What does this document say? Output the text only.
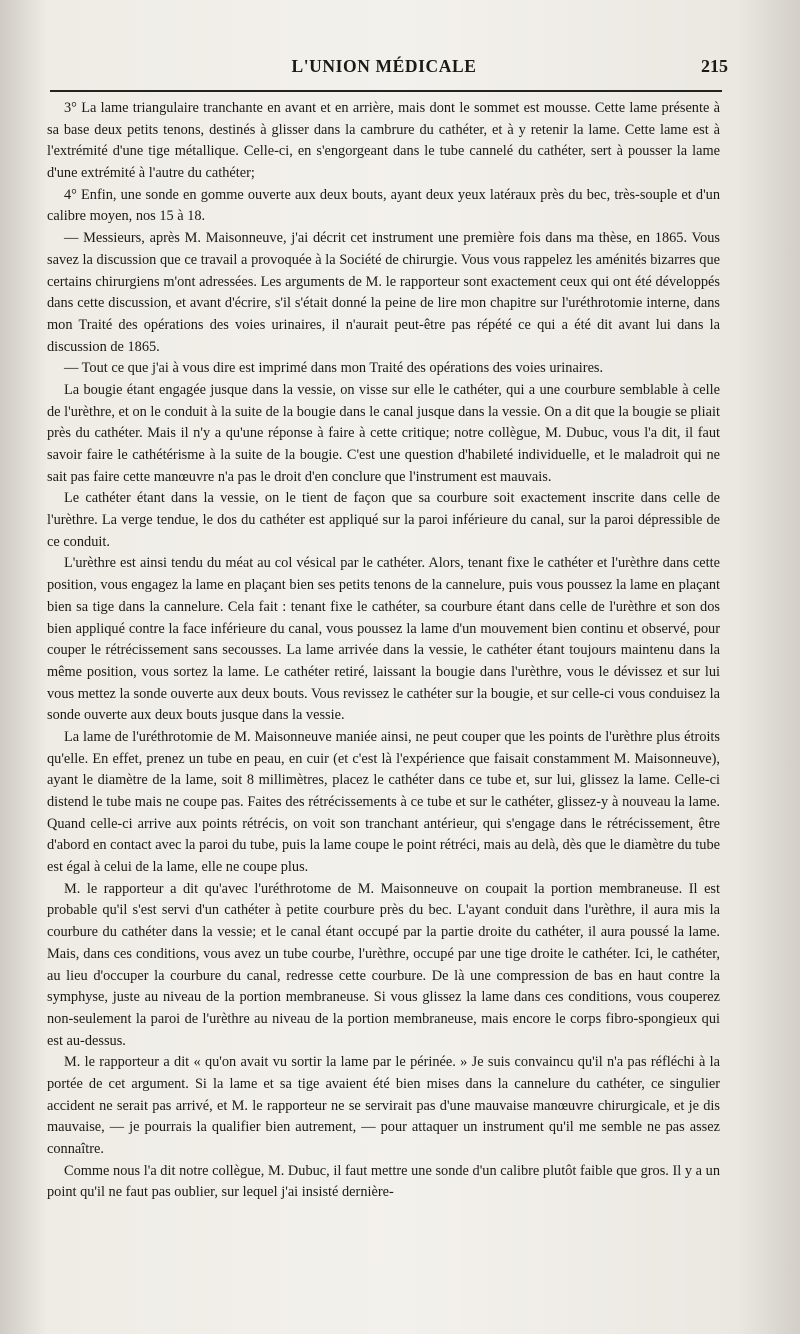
L'UNION MÉDICALE	215

3° La lame triangulaire tranchante en avant et en arrière, mais dont le sommet est mousse. Cette lame présente à sa base deux petits tenons, destinés à glisser dans la cambrure du cathéter, et à y retenir la lame. Cette lame est à l'extrémité d'une tige métallique. Celle-ci, en s'engorgeant dans le tube cannelé du cathéter, sert à pousser la lame d'une extrémité à l'autre du cathéter;

4° Enfin, une sonde en gomme ouverte aux deux bouts, ayant deux yeux latéraux près du bec, très-souple et d'un calibre moyen, nos 15 à 18.

— Messieurs, après M. Maisonneuve, j'ai décrit cet instrument une première fois dans ma thèse, en 1865. Vous savez la discussion que ce travail a provoquée à la Société de chirurgie. Vous vous rappelez les aménités bizarres que certains chirurgiens m'ont adressées. Les arguments de M. le rapporteur sont exactement ceux qui ont été développés dans cette discussion, et avant d'écrire, s'il s'était donné la peine de lire mon chapitre sur l'uréthrotomie interne, dans mon Traité des opérations des voies urinaires, il n'aurait peut-être pas répété ce qui a été dit avant lui dans la discussion de 1865.

— Tout ce que j'ai à vous dire est imprimé dans mon Traité des opérations des voies urinaires.

La bougie étant engagée jusque dans la vessie, on visse sur elle le cathéter, qui a une courbure semblable à celle de l'urèthre, et on le conduit à la suite de la bougie dans le canal jusque dans la vessie. On a dit que la bougie se pliait près du cathéter. Mais il n'y a qu'une réponse à faire à cette critique; notre collègue, M. Dubuc, vous l'a dit, il faut savoir faire le cathétérisme à la suite de la bougie. C'est une question d'habileté individuelle, et le maladroit qui ne sait pas faire cette manœuvre n'a pas le droit d'en conclure que l'instrument est mauvais.

Le cathéter étant dans la vessie, on le tient de façon que sa courbure soit exactement inscrite dans celle de l'urèthre. La verge tendue, le dos du cathéter est appliqué sur la paroi inférieure du canal, sur la paroi dépressible de ce conduit.

L'urèthre est ainsi tendu du méat au col vésical par le cathéter. Alors, tenant fixe le cathéter et l'urèthre dans cette position, vous engagez la lame en plaçant bien ses petits tenons de la cannelure, puis vous poussez la lame en plaçant bien sa tige dans la cannelure. Cela fait : tenant fixe le cathéter, sa courbure étant dans celle de l'urèthre et son dos bien appliqué contre la face inférieure du canal, vous poussez la lame d'un mouvement bien continu et observé, pour couper le rétrécissement sans secousses. La lame arrivée dans la vessie, le cathéter étant toujours maintenu dans la même position, vous sortez la lame. Le cathéter retiré, laissant la bougie dans l'urèthre, vous le dévissez et sur lui vous mettez la sonde ouverte aux deux bouts. Vous revissez le cathéter sur la bougie, et sur celle-ci vous conduisez la sonde ouverte aux deux bouts jusque dans la vessie.

La lame de l'uréthrotomie de M. Maisonneuve maniée ainsi, ne peut couper que les points de l'urèthre plus étroits qu'elle. En effet, prenez un tube en peau, en cuir (et c'est là l'expérience que faisait constamment M. Maisonneuve), ayant le diamètre de la lame, soit 8 millimètres, placez le cathéter dans ce tube et, sur lui, glissez la lame. Celle-ci distend le tube mais ne coupe pas. Faites des rétrécissements à ce tube et sur le cathéter, glissez-y à nouveau la lame. Quand celle-ci arrive aux points rétrécis, on voit son tranchant antérieur, qui s'engage dans le rétrécissement, être d'abord en contact avec la paroi du tube, puis la lame coupe le point rétréci, mais au delà, dès que le diamètre du tube est égal à celui de la lame, elle ne coupe plus.

M. le rapporteur a dit qu'avec l'uréthrotome de M. Maisonneuve on coupait la portion membraneuse. Il est probable qu'il s'est servi d'un cathéter à petite courbure près du bec. L'ayant conduit dans l'urèthre, il aura mis la courbure du cathéter dans la vessie; et le canal étant occupé par la partie droite du cathéter, il aura poussé la lame. Mais, dans ces conditions, vous avez un tube courbe, l'urèthre, occupé par une tige droite le cathéter. Ici, le cathéter, au lieu d'occuper la courbure du canal, redresse cette courbure. De là une compression de bas en haut contre la symphyse, juste au niveau de la portion membraneuse. Si vous glissez la lame dans ces conditions, vous couperez non-seulement la paroi de l'urèthre au niveau de la portion membraneuse, mais encore le corps fibro-spongieux qui est au-dessus.

M. le rapporteur a dit « qu'on avait vu sortir la lame par le périnée. » Je suis convaincu qu'il n'a pas réfléchi à la portée de cet argument. Si la lame et sa tige avaient été bien mises dans la cannelure du cathéter, ce singulier accident ne serait pas arrivé, et M. le rapporteur ne se servirait pas d'une mauvaise manœuvre chirurgicale, et je dis mauvaise, — je pourrais la qualifier bien autrement, — pour attaquer un instrument qu'il me semble ne pas assez connaître.

Comme nous l'a dit notre collègue, M. Dubuc, il faut mettre une sonde d'un calibre plutôt faible que gros. Il y a un point qu'il ne faut pas oublier, sur lequel j'ai insisté dernière-
